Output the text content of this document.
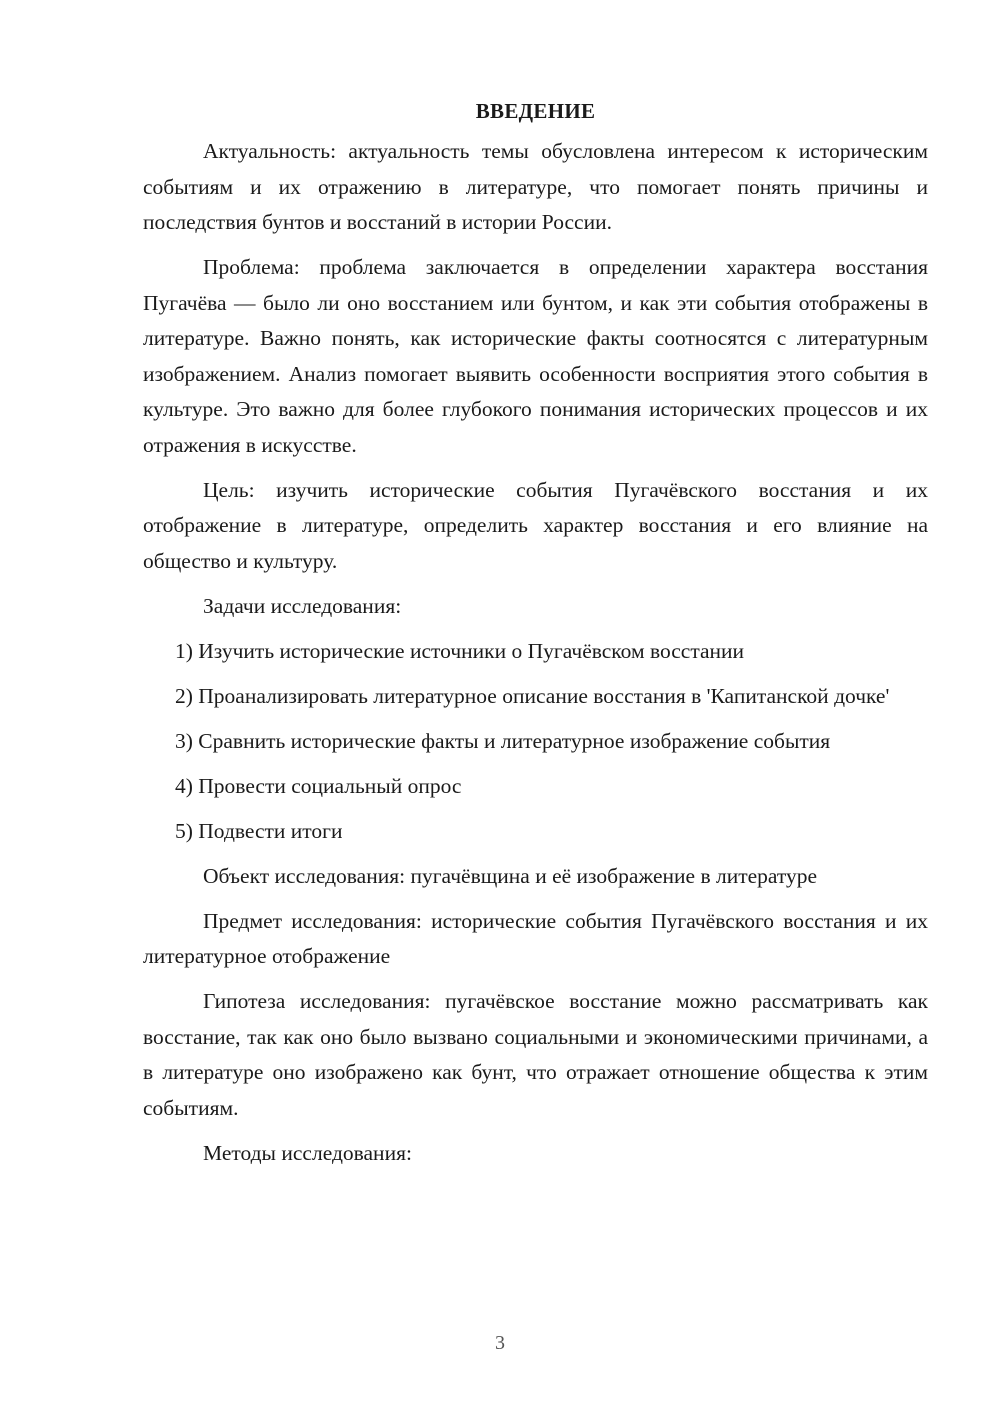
ВВЕДЕНИЕ

Актуальность: актуальность темы обусловлена интересом к историческим событиям и их отражению в литературе, что помогает понять причины и последствия бунтов и восстаний в истории России.

Проблема: проблема заключается в определении характера восстания Пугачёва — было ли оно восстанием или бунтом, и как эти события отображены в литературе. Важно понять, как исторические факты соотносятся с литературным изображением. Анализ помогает выявить особенности восприятия этого события в культуре. Это важно для более глубокого понимания исторических процессов и их отражения в искусстве.

Цель: изучить исторические события Пугачёвского восстания и их отображение в литературе, определить характер восстания и его влияние на общество и культуру.

Задачи исследования:

1) Изучить исторические источники о Пугачёвском восстании

2) Проанализировать литературное описание восстания в 'Капитанской дочке'

3) Сравнить исторические факты и литературное изображение события

4) Провести социальный опрос

5) Подвести итоги

Объект исследования: пугачёвщина и её изображение в литературе

Предмет исследования: исторические события Пугачёвского восстания и их литературное отображение

Гипотеза исследования: пугачёвское восстание можно рассматривать как восстание, так как оно было вызвано социальными и экономическими причинами, а в литературе оно изображено как бунт, что отражает отношение общества к этим событиям.

Методы исследования:

3
